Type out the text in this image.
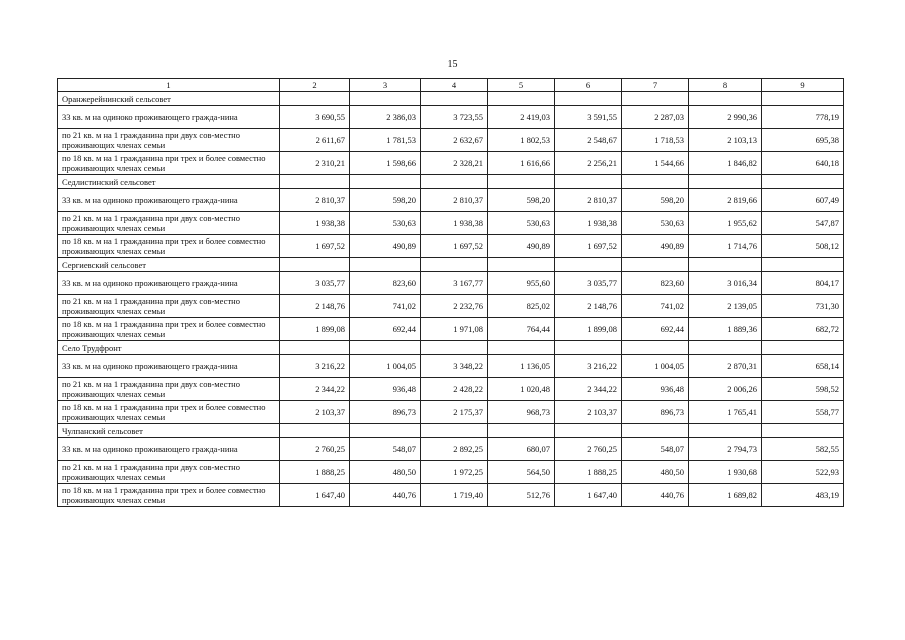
15
1	2	3	4	5	6	7	8	9
Оранжерейнинский сельсовет								
33 кв. м на одиноко проживающего гражда-нина	3 690,55	2 386,03	3 723,55	2 419,03	3 591,55	2 287,03	2 990,36	778,19
по 21 кв. м на 1 гражданина при двух сов-местно проживающих членах семьи	2 611,67	1 781,53	2 632,67	1 802,53	2 548,67	1 718,53	2 103,13	695,38
по 18 кв. м на 1 гражданина при трех и более совместно проживающих членах семьи	2 310,21	1 598,66	2 328,21	1 616,66	2 256,21	1 544,66	1 846,82	640,18
Седлистинский сельсовет								
33 кв. м на одиноко проживающего гражда-нина	2 810,37	598,20	2 810,37	598,20	2 810,37	598,20	2 819,66	607,49
по 21 кв. м на 1 гражданина при двух сов-местно проживающих членах семьи	1 938,38	530,63	1 938,38	530,63	1 938,38	530,63	1 955,62	547,87
по 18 кв. м на 1 гражданина при трех и более совместно проживающих членах семьи	1 697,52	490,89	1 697,52	490,89	1 697,52	490,89	1 714,76	508,12
Сергиевский сельсовет								
33 кв. м на одиноко проживающего гражда-нина	3 035,77	823,60	3 167,77	955,60	3 035,77	823,60	3 016,34	804,17
по 21 кв. м на 1 гражданина при двух сов-местно проживающих членах семьи	2 148,76	741,02	2 232,76	825,02	2 148,76	741,02	2 139,05	731,30
по 18 кв. м на 1 гражданина при трех и более совместно проживающих членах семьи	1 899,08	692,44	1 971,08	764,44	1 899,08	692,44	1 889,36	682,72
Село Трудфронт								
33 кв. м на одиноко проживающего гражда-нина	3 216,22	1 004,05	3 348,22	1 136,05	3 216,22	1 004,05	2 870,31	658,14
по 21 кв. м на 1 гражданина при двух сов-местно проживающих членах семьи	2 344,22	936,48	2 428,22	1 020,48	2 344,22	936,48	2 006,26	598,52
по 18 кв. м на 1 гражданина при трех и более совместно проживающих членах семьи	2 103,37	896,73	2 175,37	968,73	2 103,37	896,73	1 765,41	558,77
Чулпанский сельсовет								
33 кв. м на одиноко проживающего гражда-нина	2 760,25	548,07	2 892,25	680,07	2 760,25	548,07	2 794,73	582,55
по 21 кв. м на 1 гражданина при двух сов-местно проживающих членах семьи	1 888,25	480,50	1 972,25	564,50	1 888,25	480,50	1 930,68	522,93
по 18 кв. м на 1 гражданина при трех и более совместно проживающих членах семьи	1 647,40	440,76	1 719,40	512,76	1 647,40	440,76	1 689,82	483,19
